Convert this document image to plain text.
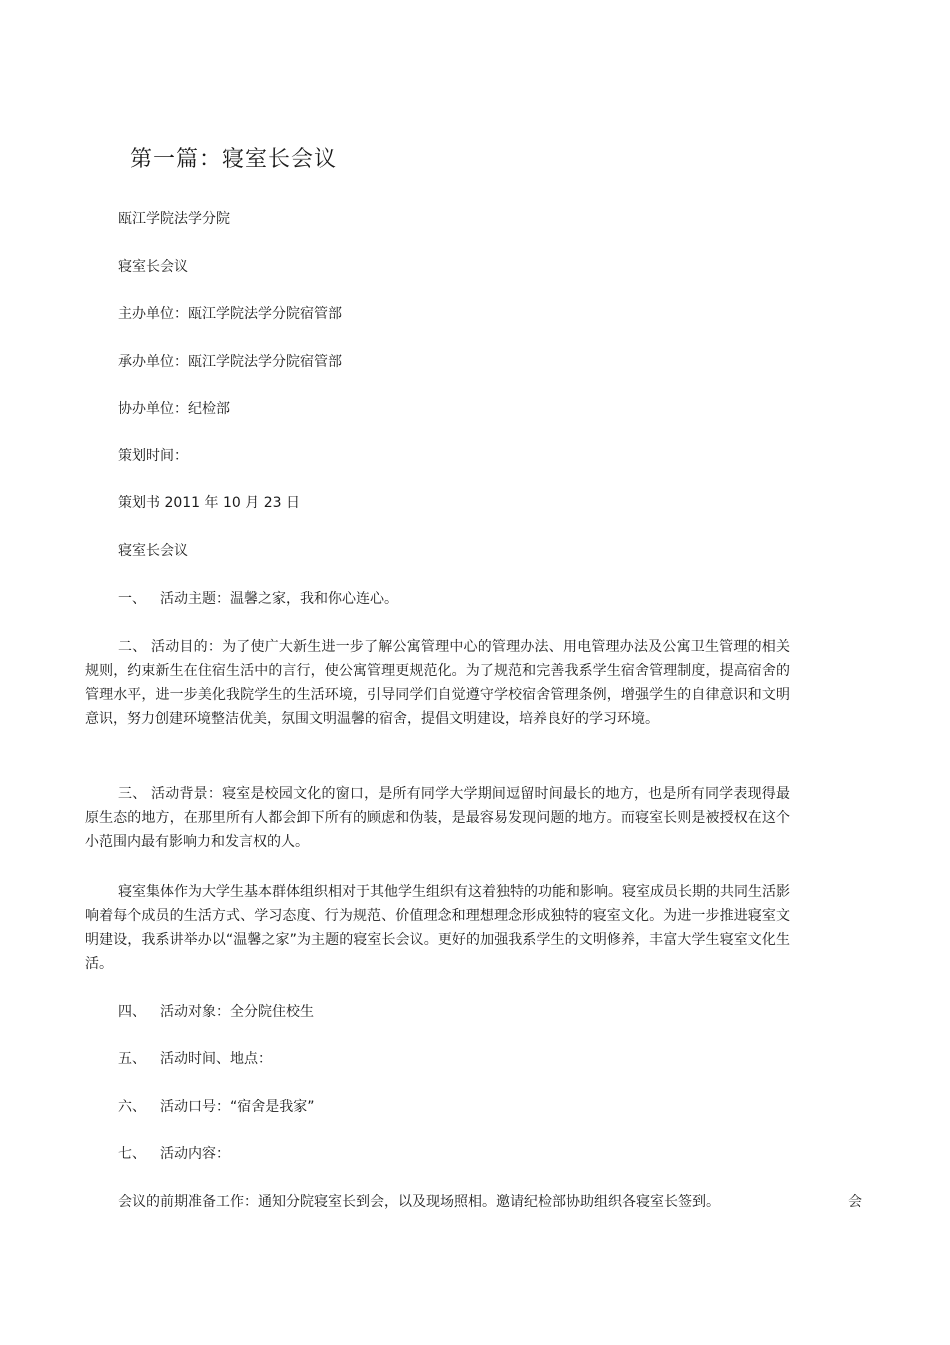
第一篇：寝室长会议
瓯江学院法学分院
寝室长会议
主办单位：瓯江学院法学分院宿管部
承办单位：瓯江学院法学分院宿管部
协办单位：纪检部
策划时间：
策划书 2011 年 10 月 23 日
寝室长会议
一、 活动主题：温馨之家，我和你心连心。

二、 活动目的：为了使广大新生进一步了解公寓管理中心的管理办法、用电管理办法及公寓卫生管理的相关规则，约束新生在住宿生活中的言行，使公寓管理更规范化。为了规范和完善我系学生宿舍管理制度，提高宿舍的管理水平，进一步美化我院学生的生活环境，引导同学们自觉遵守学校宿舍管理条例，增强学生的自律意识和文明意识，努力创建环境整洁优美，氛围文明温馨的宿舍，提倡文明建设，培养良好的学习环境。

三、 活动背景：寝室是校园文化的窗口，是所有同学大学期间逗留时间最长的地方，也是所有同学表现得最原生态的地方，在那里所有人都会卸下所有的顾虑和伪装，是最容易发现问题的地方。而寝室长则是被授权在这个小范围内最有影响力和发言权的人。

寝室集体作为大学生基本群体组织相对于其他学生组织有这着独特的功能和影响。寝室成员长期的共同生活影响着每个成员的生活方式、学习态度、行为规范、价值理念和理想理念形成独特的寝室文化。为进一步推进寝室文明建设，我系讲举办以“温馨之家”为主题的寝室长会议。更好的加强我系学生的文明修养，丰富大学生寝室文化生活。

四、 活动对象：全分院住校生
五、 活动时间、地点：
六、 活动口号：“宿舍是我家”
七、 活动内容：
会议的前期准备工作：通知分院寝室长到会，以及现场照相。邀请纪检部协助组织各寝室长签到。	会
